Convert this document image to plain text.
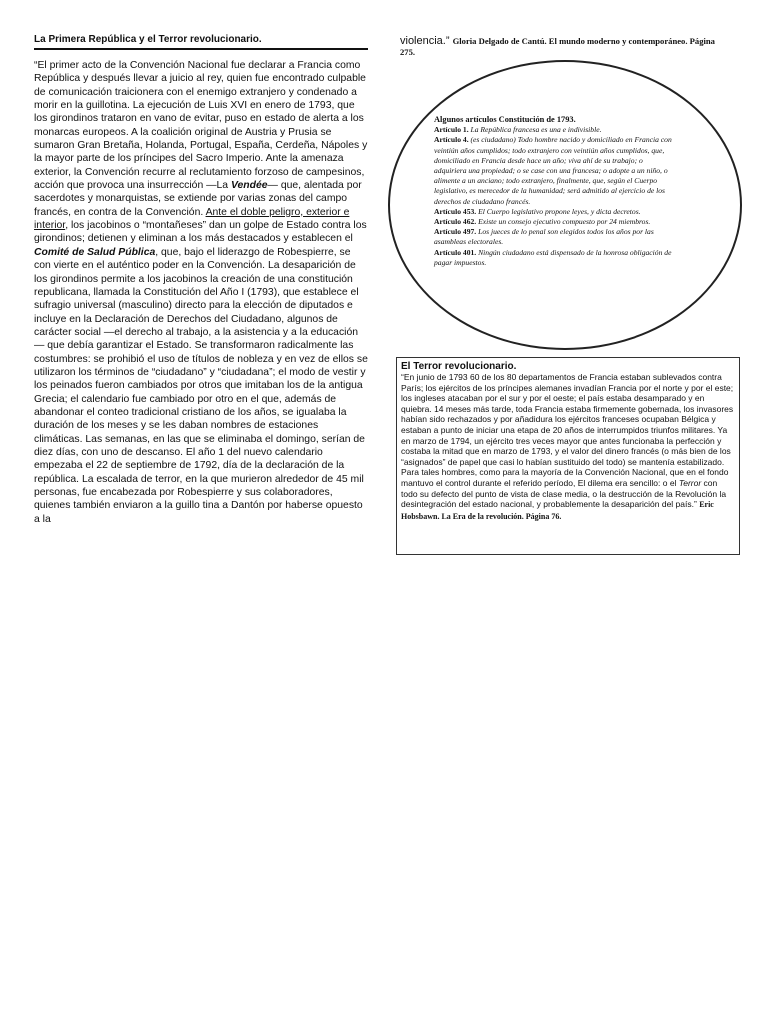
La Primera República y el Terror revolucionario.

“El primer acto de la Convención Nacional fue declarar a Francia como República y después llevar a juicio al rey, quien fue encontrado culpable de comunicación traicionera con el enemigo extranjero y condenado a morir en la guillotina. La ejecución de Luis XVI en enero de 1793, que los girondinos trataron en vano de evitar, puso en estado de alerta a los monarcas europeos. A la coalición original de Austria y Prusia se sumaron Gran Bretaña, Holanda, Portugal, España, Cerdeña, Nápoles y la mayor parte de los príncipes del Sacro Imperio. Ante la amenaza exterior, la Convención recurre al reclutamiento forzoso de campesinos, acción que provoca una insurrección —La Vendée— que, alentada por sacerdotes y monarquistas, se extiende por varias zonas del campo francés, en contra de la Convención. Ante el doble peligro, exterior e interior, los jacobinos o “montañeses” dan un golpe de Estado contra los girondinos; detienen y eliminan a los más destacados y establecen el Comité de Salud Pública, que, bajo el liderazgo de Robespierre, se con vierte en el auténtico poder en la Convención. La desaparición de los girondinos permite a los jacobinos la creación de una constitución republicana, llamada la Constitución del Año I (1793), que establece el sufragio universal (masculino) directo para la elección de diputados e incluye en la Declaración de Derechos del Ciudadano, algunos de carácter social —el derecho al trabajo, a la asistencia y a la educación— que debía garantizar el Estado. Se transformaron radicalmente las costumbres: se prohibió el uso de títulos de nobleza y en vez de ellos se utilizaron los términos de “ciudadano” y “ciudadana”; el modo de vestir y los peinados fueron cambiados por otros que imitaban los de la antigua Grecia; el calendario fue cambiado por otro en el que, además de abandonar el conteo tradicional cristiano de los años, se igualaba la duración de los meses y se les daban nombres de estaciones climáticas. Las semanas, en las que se eliminaba el domingo, serían de diez días, con uno de descanso. El año 1 del nuevo calendario empezaba el 22 de septiembre de 1792, día de la declaración de la república. La escalada de terror, en la que murieron alrededor de 45 mil personas, fue encabezada por Robespierre y sus colaboradores, quienes también enviaron a la guillo tina a Dantón por haberse opuesto a la

violencia.” Gloria Delgado de Cantú. El mundo moderno y contemporáneo. Página 275.

Algunos artículos Constitución de 1793.

Artículo 1. La República francesa es una e indivisible.

Artículo 4. (es ciudadano) Todo hombre nacido y domiciliado en Francia con veintiún años cumplidos; todo extranjero con veintiún años cumplidos, que, domiciliado en Francia desde hace un año; viva ahí de su trabajo; o adquiriera una propiedad; o se case con una francesa; o adopte a un niño, o alimente a un anciano; todo extranjero, finalmente, que, según el Cuerpo legislativo, es merecedor de la humanidad; será admitido al ejercicio de los derechos de ciudadano francés.

Artículo 453. El Cuerpo legislativo propone leyes, y dicta decretos.

Artículo 462. Existe un consejo ejecutivo compuesto por 24 miembros.

Artículo 497. Los jueces de lo penal son elegidos todos los años por las asambleas electorales.

Artículo 401. Ningún ciudadano está dispensado de la honrosa obligación de pagar impuestos.

El Terror revolucionario.

“En junio de 1793 60 de los 80 departamentos de Francia estaban sublevados contra París; los ejércitos de los príncipes alemanes invadían Francia por el norte y por el este; los ingleses atacaban por el sur y por el oeste; el país estaba desamparado y en quiebra. 14 meses más tarde, toda Francia estaba firmemente gobernada, los invasores habían sido rechazados y por añadidura los ejércitos franceses ocupaban Bélgica y estaban a punto de iniciar una etapa de 20 años de interrumpidos triunfos militares. Ya en marzo de 1794, un ejército tres veces mayor que antes funcionaba la perfección y costaba la mitad que en marzo de 1793, y el valor del dinero francés (o más bien de los “asignados” de papel que casi lo habían sustituido del todo) se mantenía estabilizado. Para tales hombres, como para la mayoría de la Convención Nacional, que en el fondo mantuvo el control durante el referido período, El dilema era sencillo: o el Terror con todo su defecto del punto de vista de clase media, o la destrucción de la Revolución la desintegración del estado nacional, y probablemente la desaparición del país.” Eric Hobsbawn. La Era de la revolución. Página 76.
